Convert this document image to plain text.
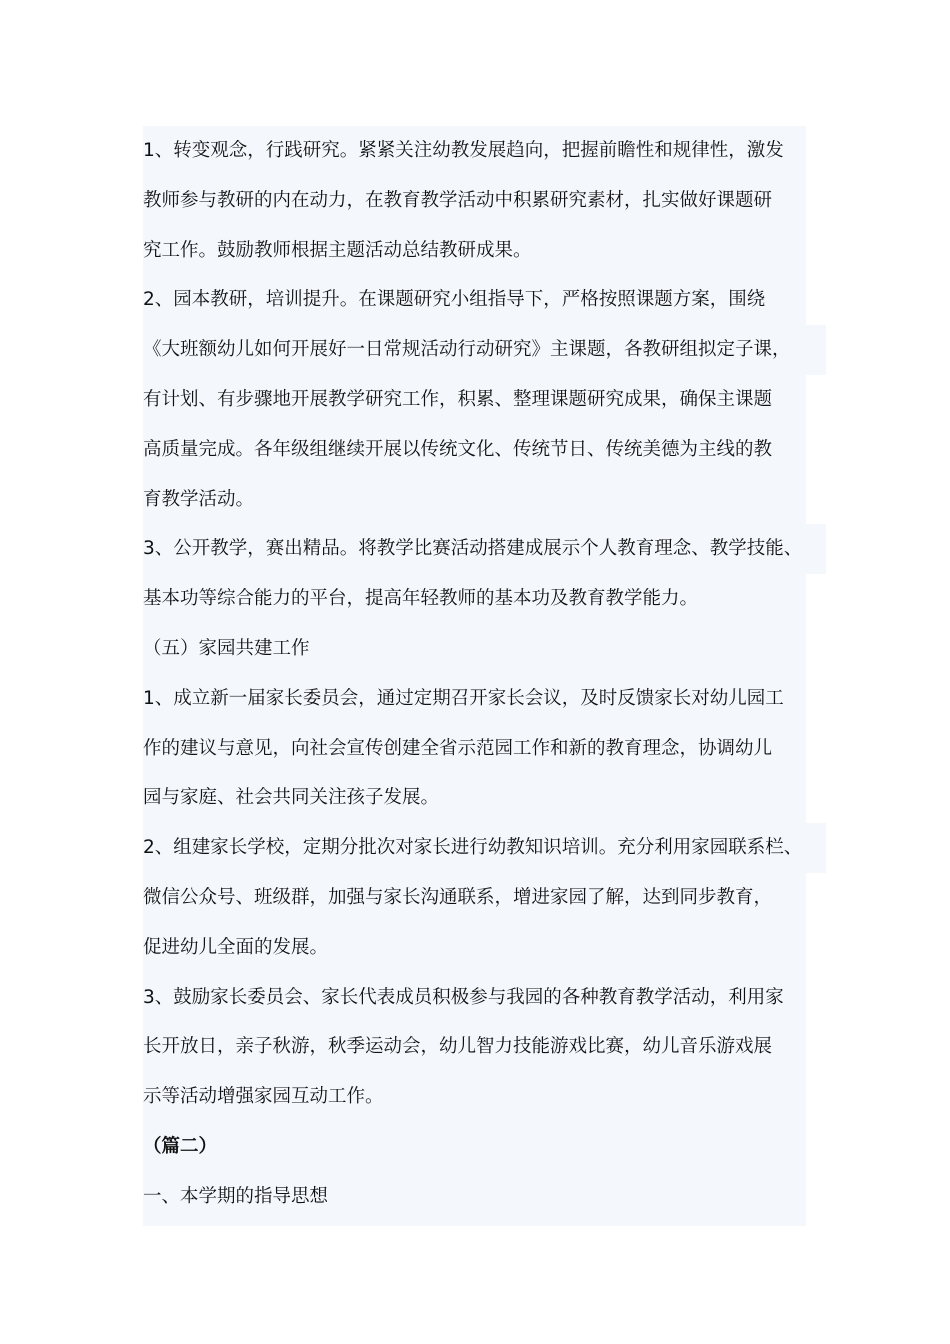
1、转变观念，行践研究。紧紧关注幼教发展趋向，把握前瞻性和规律性，激发
教师参与教研的内在动力，在教育教学活动中积累研究素材，扎实做好课题研
究工作。鼓励教师根据主题活动总结教研成果。
2、园本教研，培训提升。在课题研究小组指导下，严格按照课题方案，围绕
《大班额幼儿如何开展好一日常规活动行动研究》主课题，各教研组拟定子课，
有计划、有步骤地开展教学研究工作，积累、整理课题研究成果，确保主课题
高质量完成。各年级组继续开展以传统文化、传统节日、传统美德为主线的教
育教学活动。
3、公开教学，赛出精品。将教学比赛活动搭建成展示个人教育理念、教学技能、
基本功等综合能力的平台，提高年轻教师的基本功及教育教学能力。
（五）家园共建工作
1、成立新一届家长委员会，通过定期召开家长会议，及时反馈家长对幼儿园工
作的建议与意见，向社会宣传创建全省示范园工作和新的教育理念，协调幼儿
园与家庭、社会共同关注孩子发展。
2、组建家长学校，定期分批次对家长进行幼教知识培训。充分利用家园联系栏、
微信公众号、班级群，加强与家长沟通联系，增进家园了解，达到同步教育，
促进幼儿全面的发展。
3、鼓励家长委员会、家长代表成员积极参与我园的各种教育教学活动，利用家
长开放日，亲子秋游，秋季运动会，幼儿智力技能游戏比赛，幼儿音乐游戏展
示等活动增强家园互动工作。
（篇二）
一、本学期的指导思想
